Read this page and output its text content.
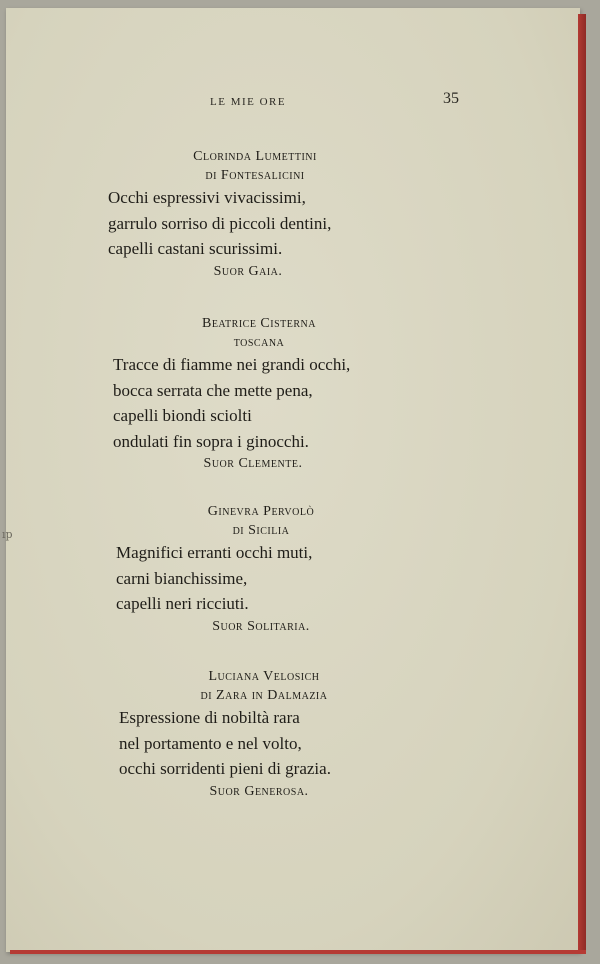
ıp
LE MIE ORE	35
Clorinda Lumettini
di Fontesalicini
Occhi espressivi vivacissimi,
garrulo sorriso di piccoli dentini,
capelli castani scurissimi.
Suor Gaia.
Beatrice Cisterna
toscana
Tracce di fiamme nei grandi occhi,
bocca serrata che mette pena,
capelli biondi sciolti
ondulati fin sopra i ginocchi.
Suor Clemente.
Ginevra Pervolò
di Sicilia
Magnifici erranti occhi muti,
carni bianchissime,
capelli neri ricciuti.
Suor Solitaria.
Luciana Velosich
di Zara in Dalmazia
Espressione di nobiltà rara
nel portamento e nel volto,
occhi sorridenti pieni di grazia.
Suor Generosa.
